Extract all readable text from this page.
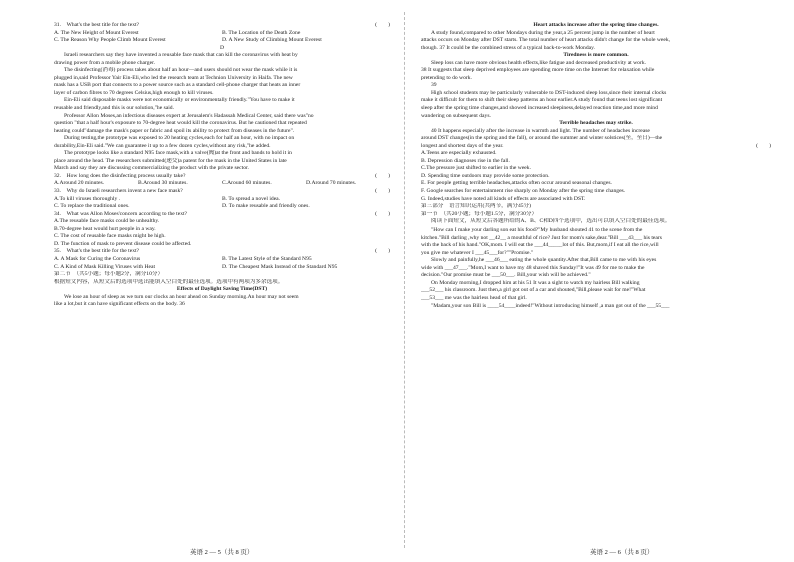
31.　What's the best title for the text?	(　　)
A. The New Height of Mount Everest	B. The Location of the Death Zone
C. The Reason Why People Climb Mount Everest	D. A New Study of Climbing Mount Everest
D
Israeli researchers say they have invented a reusable face mask that can kill the coronavirus with heat by
drawing power from a mobile phone charger.
The disinfecting(消毒) process takes about half an hour—and users should not wear the mask while it is
plugged in,said Professor Yair Ein-Eli,who led the research team at Technion University in Haifa. The new
mask has a USB port that connects to a power source such as a standard cell-phone charger that heats an inner
layer of carbon fibres to 70 degrees Celsius,high enough to kill viruses.
Ein-Eli said disposable masks were not economically or environmentally friendly."You have to make it
reusable and friendly,and this is our solution,"he said.
Professor Allon Moses,an infectious diseases expert at Jerusalem's Hadassah Medical Center, said there was"no
question "that a half hour's exposure to 70-degree heat would kill the coronavirus. But he cautioned that repeated
heating could"damage the mask's paper or fabric and spoil its ability to protect from diseases in the future".
During testing,the prototype was exposed to 20 heating cycles,each for half an hour, with no impact on
durability,Ein-Eli said."We can guarantee it up to a few dozen cycles,without any risk,"he added.
The prototype looks like a standard N95 face mask,with a valve(阀)at the front and bands to hold it in
place around the head. The researchers submitted(递交)a patent for the mask in the United States in late
March and say they are discussing commercializing the product with the private sector.
32.　How long does the disinfecting process usually take?	(　　)
A.Around 20 minutes.	B.Around 30 minutes.	C.Around 60 minutes.	D.Around 70 minutes.
33.　Why do Israeli researchers invent a new face mask?	(　　)
A.To kill viruses thoroughly .	B. To spread a novel idea.
C. To replace the traditional ones.	D. To make reusable and friendly ones.
34.　What was Allon Moses'concern according to the text?	(　　)
A.The reusable face masks could be unhealthy.
B.70-degree heat would hurt people in a way.
C. The cost of reusable face masks might be high.
D. The function of mask to prevent disease could be affected.
35.　What's the best title for the text?	(　　)
A. A Mask for Curing the Coronavirus	B. The Latest Style of the Standard N95
C. A Kind of Mask Killing Viruses with Heat	D. The Cheapest Mask Instead of the Standard N95
第二节　（共5小题；每小题2分，满分10分）
根据短文内容，从短文后的选项中选出能填入空白处的最佳选项。选项中有两项为多余选项。
Effects of Daylight Saving Time(DST)
We lose an hour of sleep as we turn our clocks an hour ahead on Sunday morning.An hour may not seem
like a lot,but it can have significant effects on the body. 36
Heart attacks increase after the spring time changes.
A study found,compared to other Mondays during the year,a 25 percent jump in the number of heart
attacks occurs on Monday after DST starts. The total number of heart attacks didn't change for the whole week,
though. 37 It could be the combined stress of a typical back-to-work Monday.
Tiredness is more common.
Sleep loss can have more obvious health effects,like fatigue and decreased productivity at work.
38 It suggests that sleep deprived employees are spending more time on the Internet for relaxation while
pretending to do work.
39
High school students may be particularly vulnerable to DST-induced sleep loss,since their internal clocks
make it difficult for them to shift their sleep patterns an hour earlier.A study found that teens lost significant
sleep after the spring time changes,and showed increased sleepiness,delayed reaction time,and more mind
wandering on subsequent days.
Terrible headaches may strike.
40 It happens especially after the increase in warmth and light. The number of headaches increase
around DST changes(in the spring and the fall), or around the summer and winter solstices(至，至日)—the
longest and shortest days of the year.	(　　)
A.Teens are especially exhausted.
B. Depression diagnoses rise in the fall.
C.The pressure just shifted to earlier in the week.
D. Spending time outdoors may provide some protection.
E. For people getting terrible headaches,attacks often occur around seasonal changes.
F. Google searches for entertainment rise sharply on Monday after the spring time changes.
G. Indeed,studies have noted all kinds of effects are associated with DST.
第三部分　语言知识运用(共两节，满分45分)
第一节　（共20小题；每小题1.5分，满分30分）
阅读下面短文，从短文后各题所给的A、B、C和D四个选项中，选出可以填入空白处的最佳选项。
"How can I make your darling son eat his food?"My husband shouted 41 to the scene from the
kitchen."Bill darling ,why not __42__ a mouthful of rice? Just for mom's sake,dear."Bill ___43___ his tears
with the back of his hand."OK,mom. I will eat the ___44_____lot of this. But,mom,if I eat all the rice,will
you give me whatever I ___45___for?""Promise."
Slowly and painfully,he ___46___ eating the whole quantity.After that,Bill came to me with his eyes
wide with ___47___."Mom,I want to have my 48 shaved this Sunday!"It was 49 for me to make the
decision."Our promise must be ___50___. Bill,your wish will be achieved."
On Monday morning,I dropped him at his 51 It was a sight to watch my hairless Bill walking
___52___ his classroom. Just then,a girl got out of a car and shouted,"Bill,please wait for me!"What
___53___ me was the hairless head of that girl.
"Madam,your son Bill is ____54____indeed!"Without introducing himself ,a man got out of the ___55___
英语 2 — 5（共 8 页）	英语 2 — 6（共 8 页）
